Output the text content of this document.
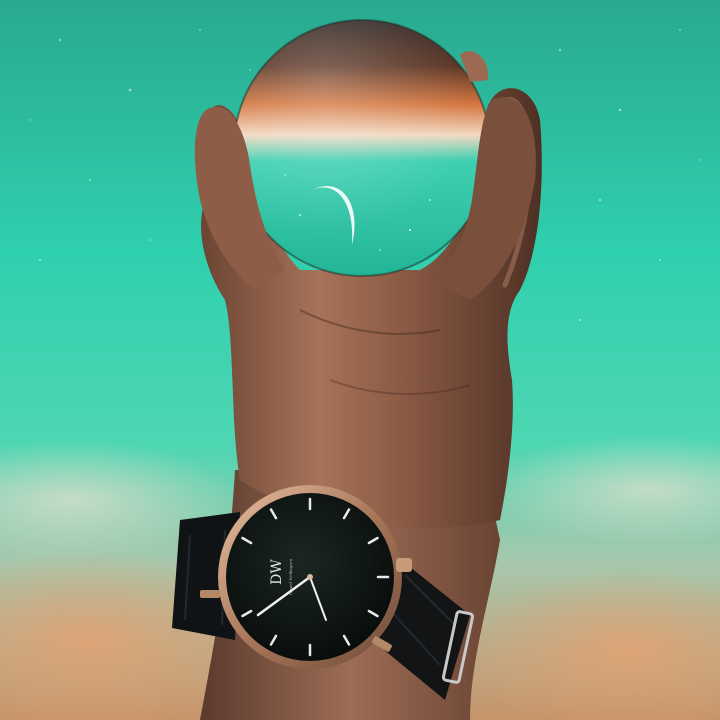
DW Daniel Wellington
